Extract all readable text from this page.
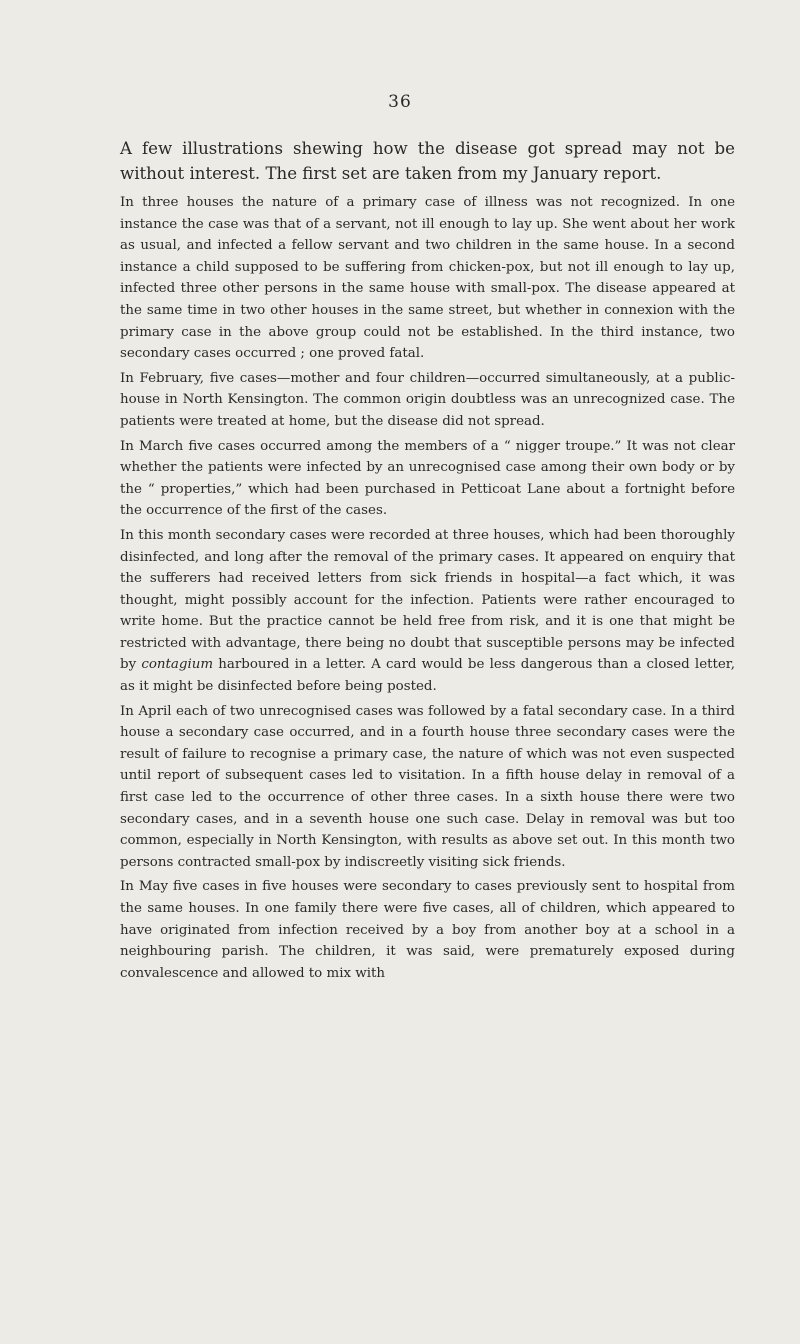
36

A few illustrations shewing how the disease got spread may not be without interest. The first set are taken from my January report.

In three houses the nature of a primary case of illness was not recognized. In one instance the case was that of a servant, not ill enough to lay up. She went about her work as usual, and infected a fellow servant and two children in the same house. In a second instance a child supposed to be suffering from chicken-pox, but not ill enough to lay up, infected three other persons in the same house with small-pox. The disease appeared at the same time in two other houses in the same street, but whether in connexion with the primary case in the above group could not be established. In the third instance, two secondary cases occurred ; one proved fatal.

In February, five cases—mother and four children—occurred simultaneously, at a public-house in North Kensington. The common origin doubtless was an unrecognized case. The patients were treated at home, but the disease did not spread.

In March five cases occurred among the members of a “ nigger troupe.” It was not clear whether the patients were infected by an unrecognised case among their own body or by the “ properties,” which had been purchased in Petticoat Lane about a fortnight before the occurrence of the first of the cases.

In this month secondary cases were recorded at three houses, which had been thoroughly disinfected, and long after the removal of the primary cases. It appeared on enquiry that the sufferers had received letters from sick friends in hospital—a fact which, it was thought, might possibly account for the infection. Patients were rather encouraged to write home. But the practice cannot be held free from risk, and it is one that might be restricted with advantage, there being no doubt that susceptible persons may be infected by contagium harboured in a letter. A card would be less dangerous than a closed letter, as it might be disinfected before being posted.

In April each of two unrecognised cases was followed by a fatal secondary case. In a third house a secondary case occurred, and in a fourth house three secondary cases were the result of failure to recognise a primary case, the nature of which was not even suspected until report of subsequent cases led to visitation. In a fifth house delay in removal of a first case led to the occurrence of other three cases. In a sixth house there were two secondary cases, and in a seventh house one such case. Delay in removal was but too common, especially in North Kensington, with results as above set out. In this month two persons contracted small-pox by indiscreetly visiting sick friends.

In May five cases in five houses were secondary to cases previously sent to hospital from the same houses. In one family there were five cases, all of children, which appeared to have originated from infection received by a boy from another boy at a school in a neighbouring parish. The children, it was said, were prematurely exposed during convalescence and allowed to mix with
